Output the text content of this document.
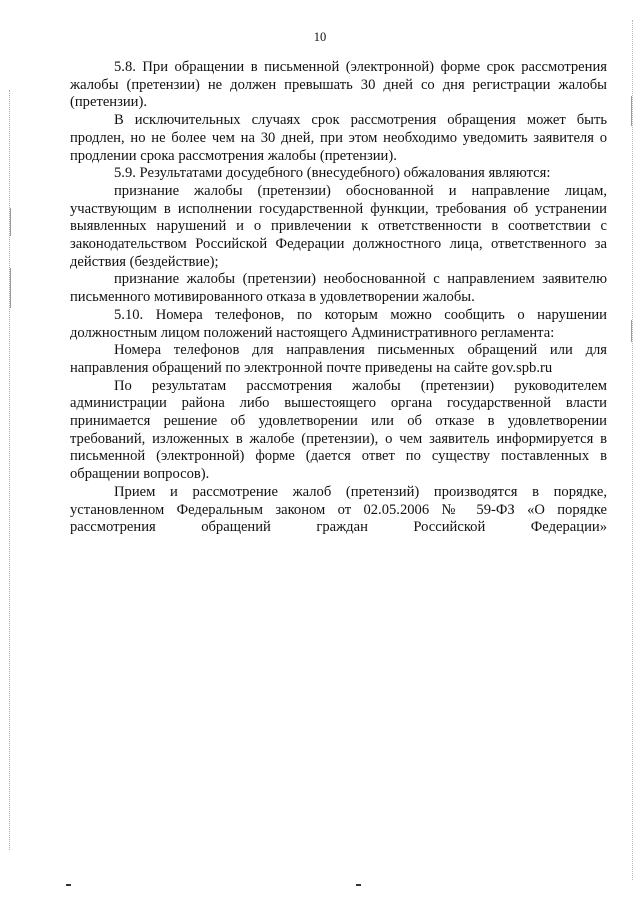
10

5.8. При обращении в письменной (электронной) форме срок рассмотрения жалобы (претензии) не должен превышать 30 дней со дня регистрации жалобы (претензии).

В исключительных случаях срок рассмотрения обращения может быть продлен, но не более чем на 30 дней, при этом необходимо уведомить заявителя о продлении срока рассмотрения жалобы (претензии).

5.9. Результатами досудебного (внесудебного) обжалования являются:

признание жалобы (претензии) обоснованной и направление лицам, участвующим в исполнении государственной функции, требования об устранении выявленных нарушений и о привлечении к ответственности в соответствии с законодательством Российской Федерации должностного лица, ответственного за действия (бездействие);

признание жалобы (претензии) необоснованной с направлением заявителю письменного мотивированного отказа в удовлетворении жалобы.

5.10. Номера телефонов, по которым можно сообщить о нарушении должностным лицом положений настоящего Административного регламента:

Номера телефонов для направления письменных обращений или для направления обращений по электронной почте приведены на сайте gov.spb.ru

По результатам рассмотрения жалобы (претензии) руководителем администрации района либо вышестоящего органа государственной власти принимается решение об удовлетворении или об отказе в удовлетворении требований, изложенных в жалобе (претензии), о чем заявитель информируется в письменной (электронной) форме (дается ответ по существу поставленных в обращении вопросов).

Прием и рассмотрение жалоб (претензий) производятся в порядке, установленном Федеральным законом от 02.05.2006 № 59-ФЗ «О порядке рассмотрения обращений граждан Российской Федерации»
